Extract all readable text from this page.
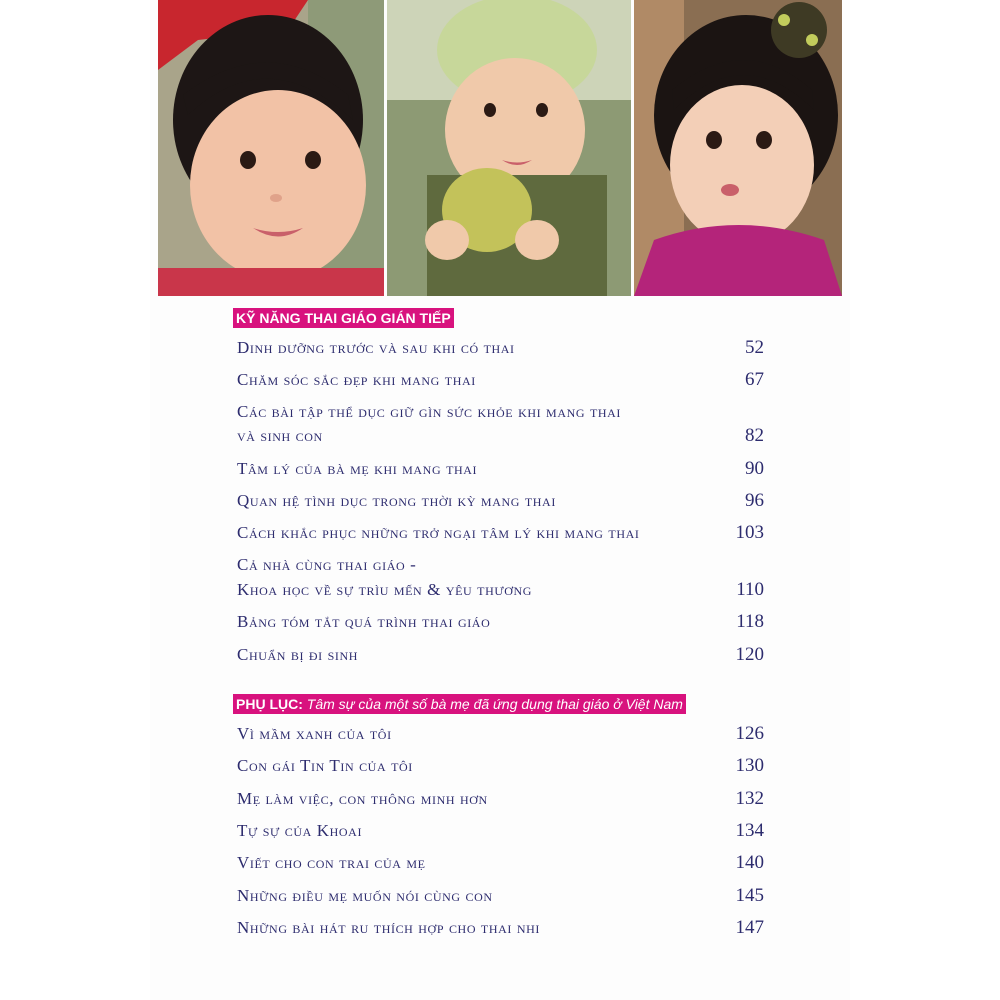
KỸ NĂNG THAI GIÁO GIÁN TIẾP
Dinh dưỡng trước và sau khi có thai	52
Chăm sóc sắc đẹp khi mang thai	67
Các bài tập thể dục giữ gìn sức khỏe khi mang thai
và sinh con	82
Tâm lý của bà mẹ khi mang thai	90
Quan hệ tình dục trong thời kỳ mang thai	96
Cách khắc phục những trở ngại tâm lý khi mang thai	103
Cả nhà cùng thai giáo -
Khoa học về sự trìu mến & yêu thương	110
Bảng tóm tắt quá trình thai giáo	118
Chuẩn bị đi sinh	120
PHỤ LỤC: Tâm sự của một số bà mẹ đã ứng dụng thai giáo ở Việt Nam
Vì mầm xanh của tôi	126
Con gái Tin Tin của tôi	130
Mẹ làm việc, con thông minh hơn	132
Tự sự của Khoai	134
Viết cho con trai của mẹ	140
Những điều mẹ muốn nói cùng con	145
Những bài hát ru thích hợp cho thai nhi	147
